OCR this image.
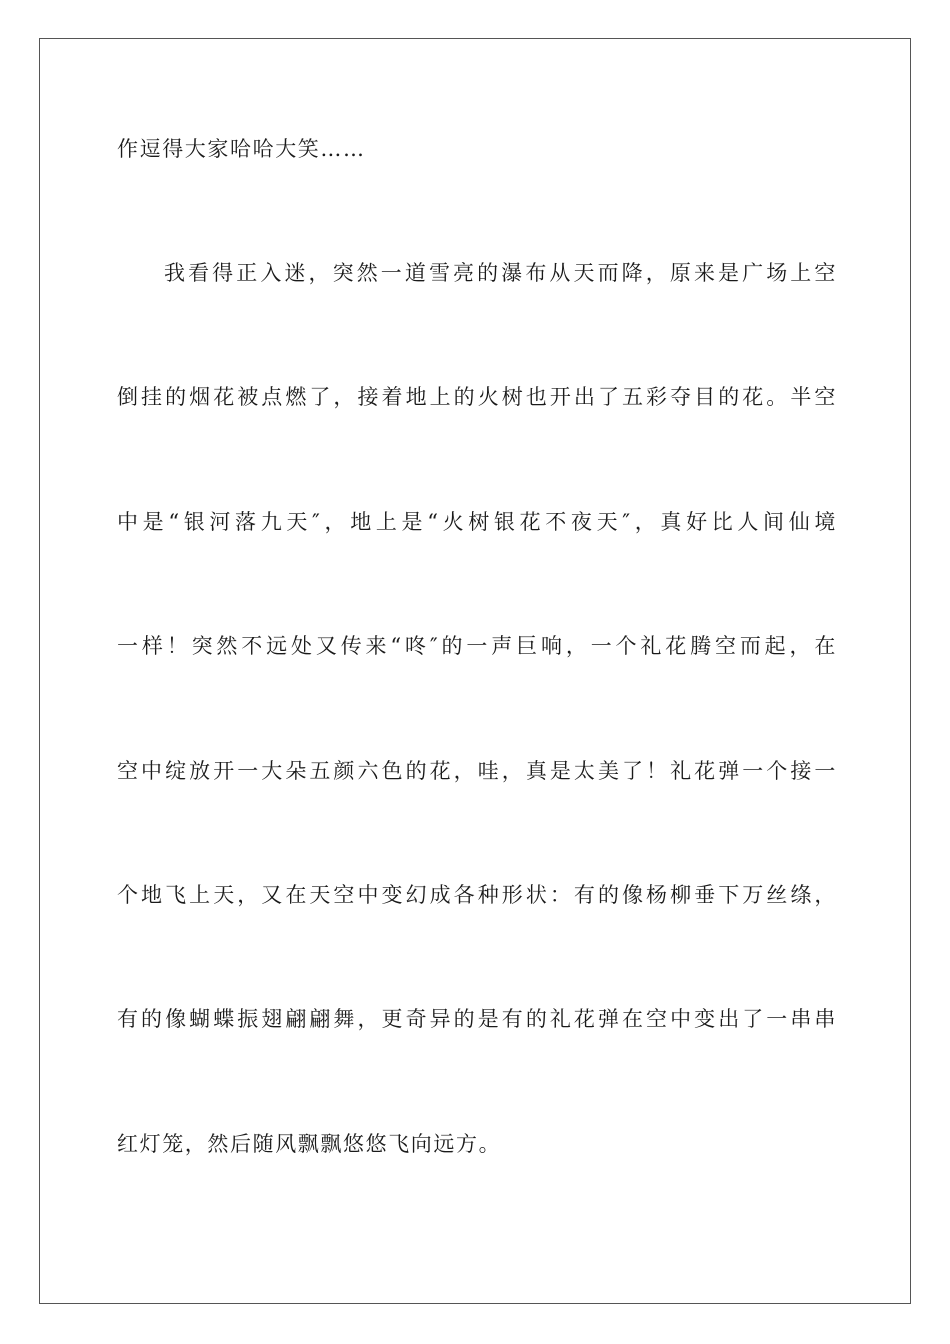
作逗得大家哈哈大笑……
我看得正入迷，突然一道雪亮的瀑布从天而降，原来是广场上空
倒挂的烟花被点燃了，接着地上的火树也开出了五彩夺目的花。半空
中是“银河落九天″，地上是“火树银花不夜天″，真好比人间仙境
一样！突然不远处又传来“咚″的一声巨响，一个礼花腾空而起，在
空中绽放开一大朵五颜六色的花，哇，真是太美了！礼花弹一个接一
个地飞上天，又在天空中变幻成各种形状：有的像杨柳垂下万丝绦，
有的像蝴蝶振翅翩翩舞，更奇异的是有的礼花弹在空中变出了一串串
红灯笼，然后随风飘飘悠悠飞向远方。
